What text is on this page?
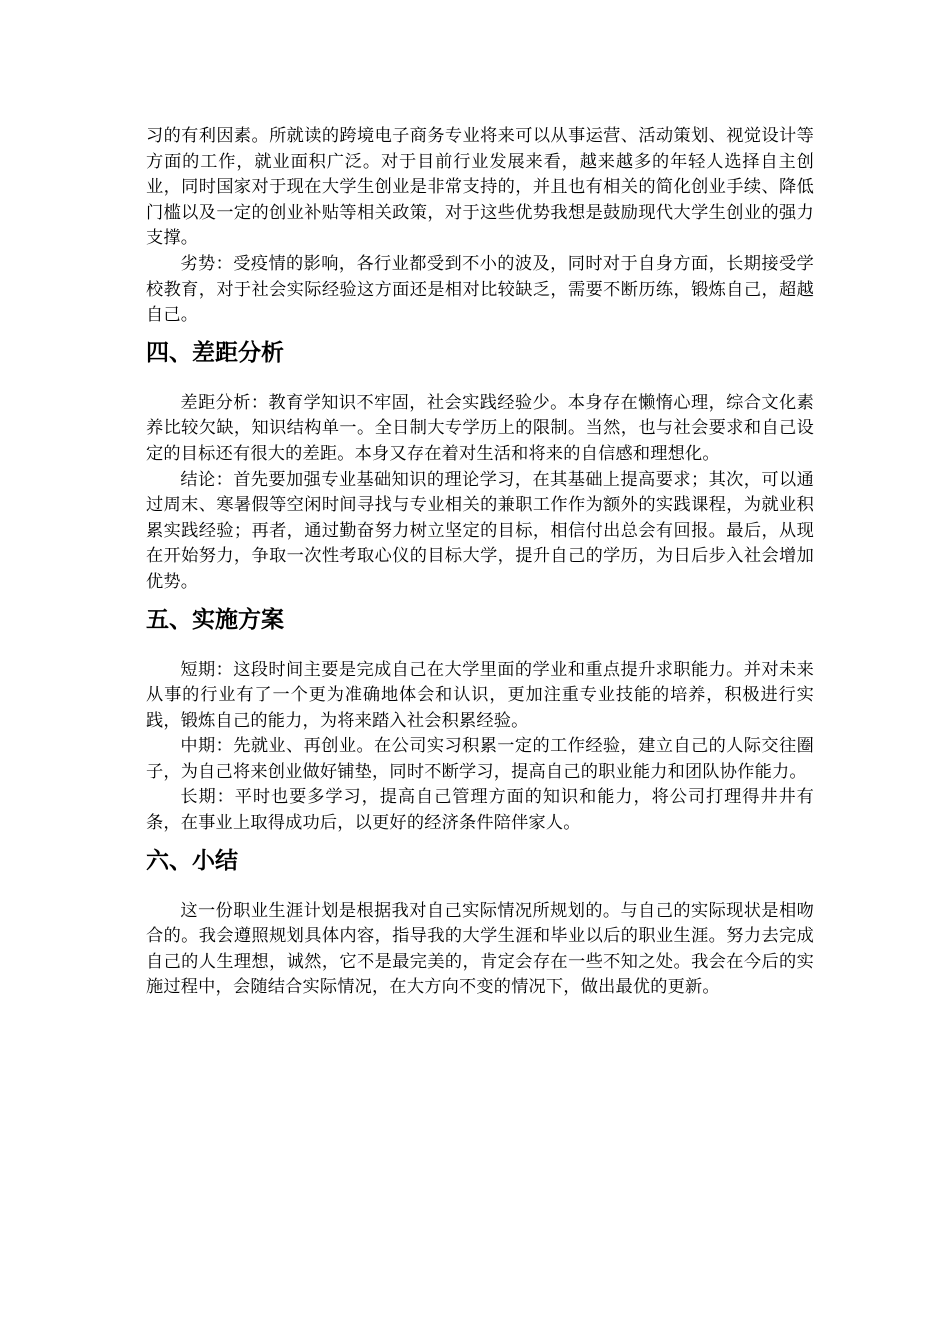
习的有利因素。所就读的跨境电子商务专业将来可以从事运营、活动策划、视觉设计等方面的工作，就业面积广泛。对于目前行业发展来看，越来越多的年轻人选择自主创业，同时国家对于现在大学生创业是非常支持的，并且也有相关的简化创业手续、降低门槛以及一定的创业补贴等相关政策，对于这些优势我想是鼓励现代大学生创业的强力支撑。

劣势：受疫情的影响，各行业都受到不小的波及，同时对于自身方面，长期接受学校教育，对于社会实际经验这方面还是相对比较缺乏，需要不断历练，锻炼自己，超越自己。

四、差距分析

差距分析：教育学知识不牢固，社会实践经验少。本身存在懒惰心理，综合文化素养比较欠缺，知识结构单一。全日制大专学历上的限制。当然，也与社会要求和自己设定的目标还有很大的差距。本身又存在着对生活和将来的自信感和理想化。

结论：首先要加强专业基础知识的理论学习，在其基础上提高要求；其次，可以通过周末、寒暑假等空闲时间寻找与专业相关的兼职工作作为额外的实践课程，为就业积累实践经验；再者，通过勤奋努力树立坚定的目标，相信付出总会有回报。最后，从现在开始努力，争取一次性考取心仪的目标大学，提升自己的学历，为日后步入社会增加优势。

五、实施方案

短期：这段时间主要是完成自己在大学里面的学业和重点提升求职能力。并对未来从事的行业有了一个更为准确地体会和认识，更加注重专业技能的培养，积极进行实践，锻炼自己的能力，为将来踏入社会积累经验。

中期：先就业、再创业。在公司实习积累一定的工作经验，建立自己的人际交往圈子，为自己将来创业做好铺垫，同时不断学习，提高自己的职业能力和团队协作能力。

长期：平时也要多学习，提高自己管理方面的知识和能力，将公司打理得井井有条，在事业上取得成功后，以更好的经济条件陪伴家人。

六、小结

这一份职业生涯计划是根据我对自己实际情况所规划的。与自己的实际现状是相吻合的。我会遵照规划具体内容，指导我的大学生涯和毕业以后的职业生涯。努力去完成自己的人生理想，诚然，它不是最完美的，肯定会存在一些不知之处。我会在今后的实施过程中，会随结合实际情况，在大方向不变的情况下，做出最优的更新。
